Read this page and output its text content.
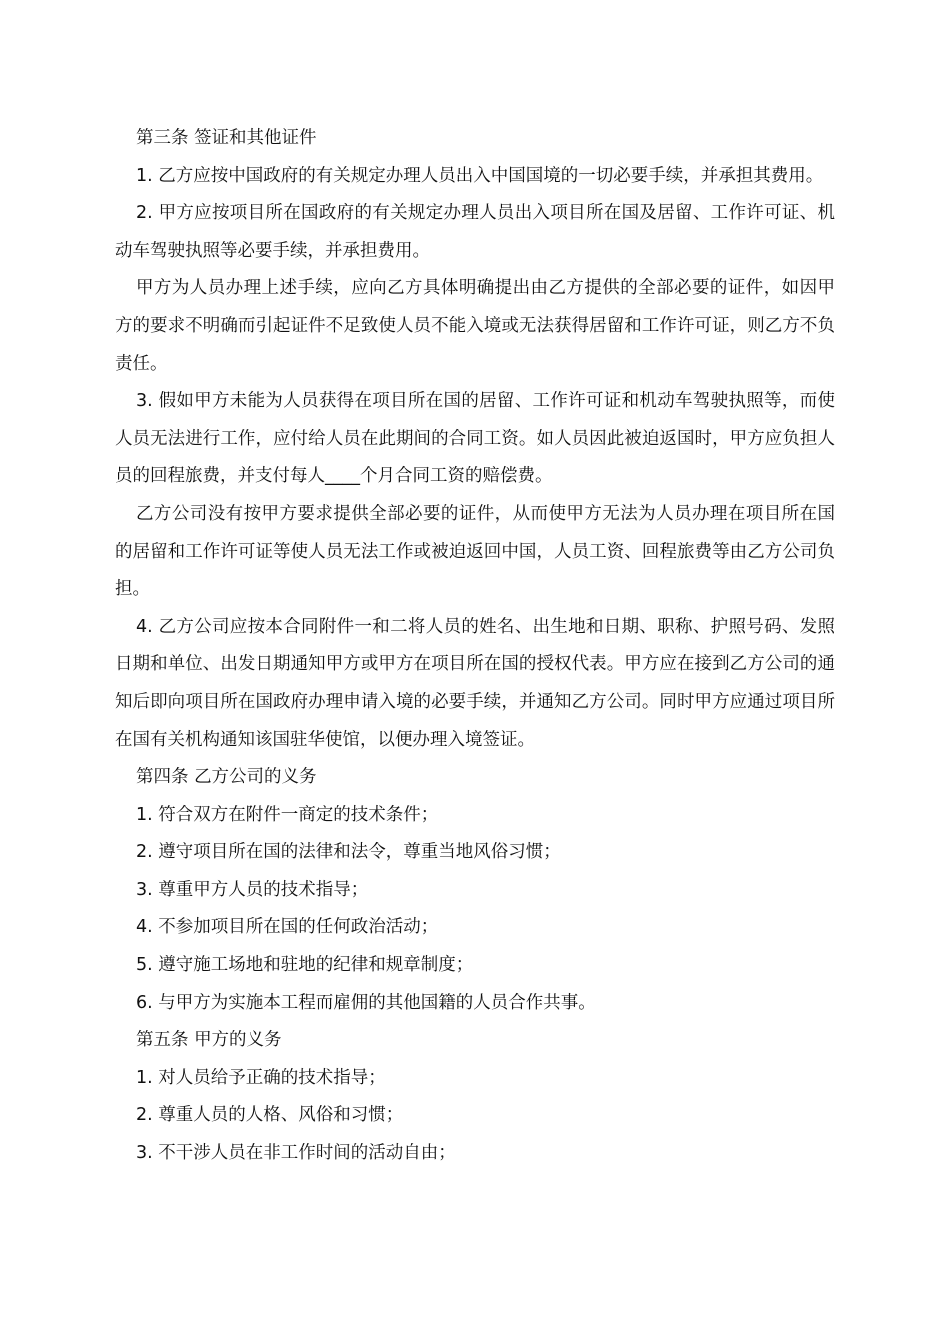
第三条 签证和其他证件

1. 乙方应按中国政府的有关规定办理人员出入中国国境的一切必要手续，并承担其费用。

2. 甲方应按项目所在国政府的有关规定办理人员出入项目所在国及居留、工作许可证、机动车驾驶执照等必要手续，并承担费用。

甲方为人员办理上述手续，应向乙方具体明确提出由乙方提供的全部必要的证件，如因甲方的要求不明确而引起证件不足致使人员不能入境或无法获得居留和工作许可证，则乙方不负责任。

3. 假如甲方未能为人员获得在项目所在国的居留、工作许可证和机动车驾驶执照等，而使人员无法进行工作，应付给人员在此期间的合同工资。如人员因此被迫返国时，甲方应负担人员的回程旅费，并支付每人____个月合同工资的赔偿费。

乙方公司没有按甲方要求提供全部必要的证件，从而使甲方无法为人员办理在项目所在国的居留和工作许可证等使人员无法工作或被迫返回中国，人员工资、回程旅费等由乙方公司负担。

4. 乙方公司应按本合同附件一和二将人员的姓名、出生地和日期、职称、护照号码、发照日期和单位、出发日期通知甲方或甲方在项目所在国的授权代表。甲方应在接到乙方公司的通知后即向项目所在国政府办理申请入境的必要手续，并通知乙方公司。同时甲方应通过项目所在国有关机构通知该国驻华使馆，以便办理入境签证。

第四条 乙方公司的义务

1. 符合双方在附件一商定的技术条件；

2. 遵守项目所在国的法律和法令，尊重当地风俗习惯；

3. 尊重甲方人员的技术指导；

4. 不参加项目所在国的任何政治活动；

5. 遵守施工场地和驻地的纪律和规章制度；

6. 与甲方为实施本工程而雇佣的其他国籍的人员合作共事。

第五条 甲方的义务

1. 对人员给予正确的技术指导；

2. 尊重人员的人格、风俗和习惯；

3. 不干涉人员在非工作时间的活动自由；
